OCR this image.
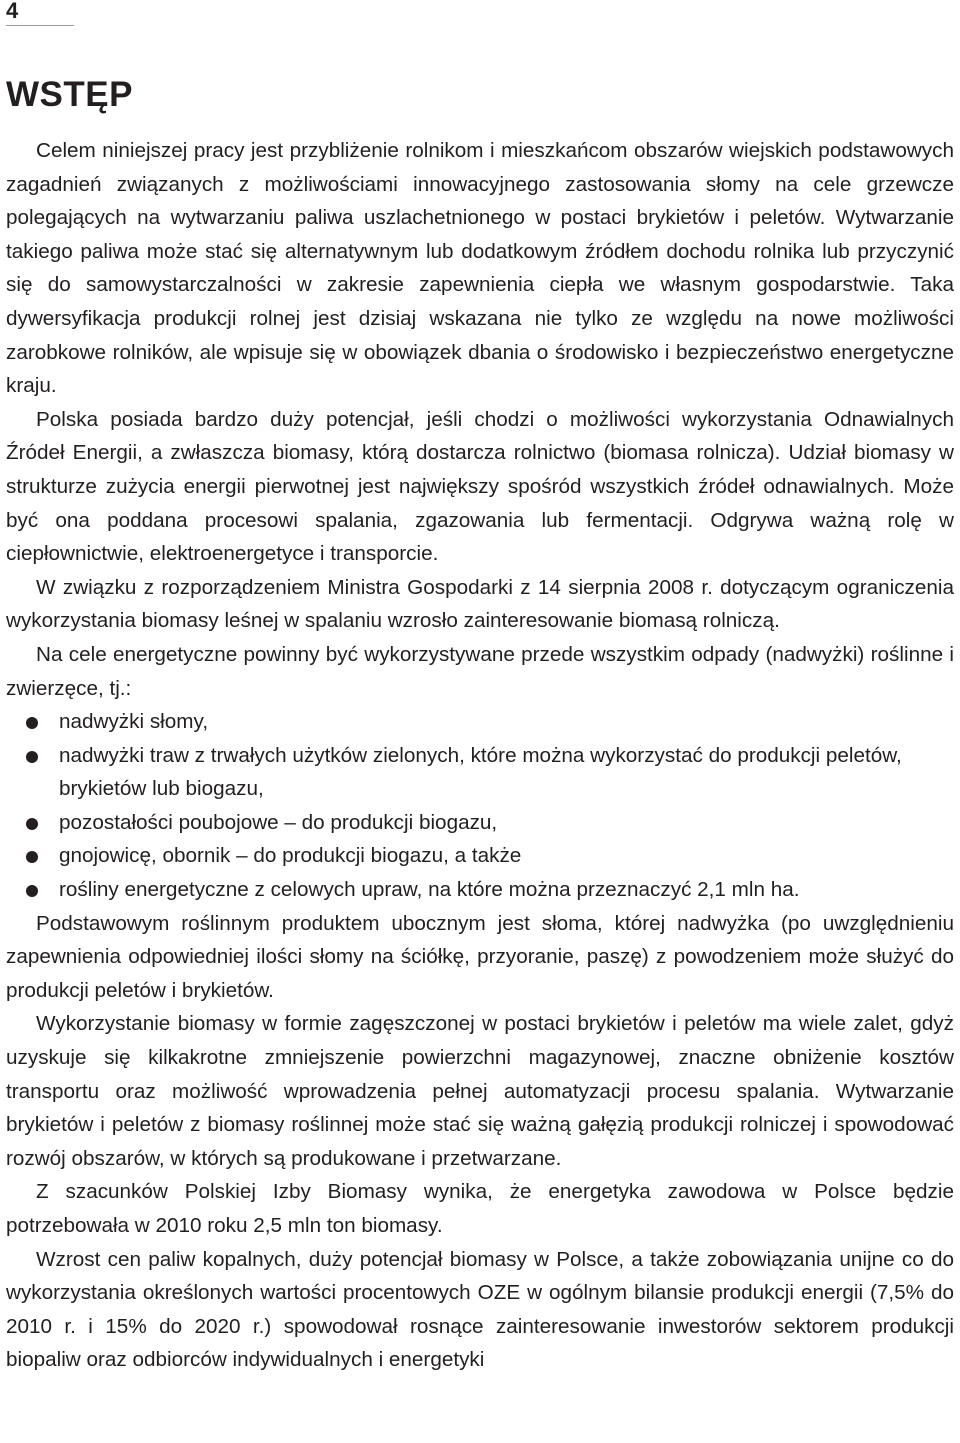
4
WSTĘP

Celem niniejszej pracy jest przybliżenie rolnikom i mieszkańcom obszarów wiejskich podstawowych zagadnień związanych z możliwościami innowacyjnego zastosowania słomy na cele grzewcze polegających na wytwarzaniu paliwa uszlachetnionego w postaci brykietów i peletów. Wytwarzanie takiego paliwa może stać się alternatywnym lub dodatkowym źródłem dochodu rolnika lub przyczynić się do samowystarczalności w zakresie zapewnienia ciepła we własnym gospodarstwie. Taka dywersyfikacja produkcji rolnej jest dzisiaj wskazana nie tylko ze względu na nowe możliwości zarobkowe rolników, ale wpisuje się w obowiązek dbania o środowisko i bezpieczeństwo energetyczne kraju.

Polska posiada bardzo duży potencjał, jeśli chodzi o możliwości wykorzystania Odnawialnych Źródeł Energii, a zwłaszcza biomasy, którą dostarcza rolnictwo (biomasa rolnicza). Udział biomasy w strukturze zużycia energii pierwotnej jest największy spośród wszystkich źródeł odnawialnych. Może być ona poddana procesowi spalania, zgazowania lub fermentacji. Odgrywa ważną rolę w ciepłownictwie, elektroenergetyce i transporcie.

W związku z rozporządzeniem Ministra Gospodarki z 14 sierpnia 2008 r. dotyczącym ograniczenia wykorzystania biomasy leśnej w spalaniu wzrosło zainteresowanie biomasą rolniczą.

Na cele energetyczne powinny być wykorzystywane przede wszystkim odpady (nadwyżki) roślinne i zwierzęce, tj.:

nadwyżki słomy,
nadwyżki traw z trwałych użytków zielonych, które można wykorzystać do produkcji peletów, brykietów lub biogazu,
pozostałości poubojowe – do produkcji biogazu,
gnojowicę, obornik – do produkcji biogazu, a także
rośliny energetyczne z celowych upraw, na które można przeznaczyć 2,1 mln ha.

Podstawowym roślinnym produktem ubocznym jest słoma, której nadwyżka (po uwzględnieniu zapewnienia odpowiedniej ilości słomy na ściółkę, przyoranie, paszę) z powodzeniem może służyć do produkcji peletów i brykietów.

Wykorzystanie biomasy w formie zagęszczonej w postaci brykietów i peletów ma wiele zalet, gdyż uzyskuje się kilkakrotne zmniejszenie powierzchni magazynowej, znaczne obniżenie kosztów transportu oraz możliwość wprowadzenia pełnej automatyzacji procesu spalania. Wytwarzanie brykietów i peletów z biomasy roślinnej może stać się ważną gałęzią produkcji rolniczej i spowodować rozwój obszarów, w których są produkowane i przetwarzane.

Z szacunków Polskiej Izby Biomasy wynika, że energetyka zawodowa w Polsce będzie potrzebowała w 2010 roku 2,5 mln ton biomasy.

Wzrost cen paliw kopalnych, duży potencjał biomasy w Polsce, a także zobowiązania unijne co do wykorzystania określonych wartości procentowych OZE w ogólnym bilansie produkcji energii (7,5% do 2010 r. i 15% do 2020 r.) spowodował rosnące zainteresowanie inwestorów sektorem produkcji biopaliw oraz odbiorców indywidualnych i energetyki
